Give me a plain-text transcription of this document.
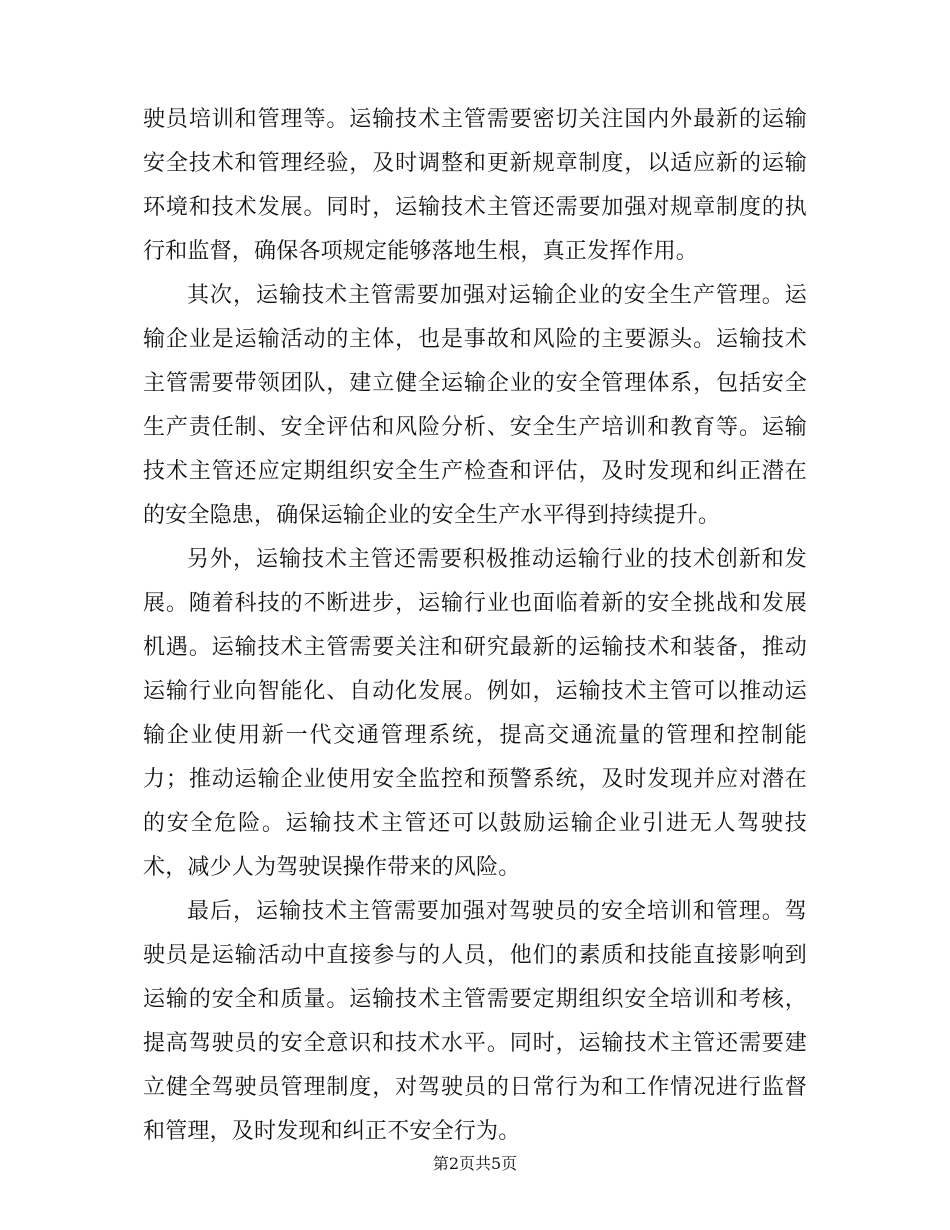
驶员培训和管理等。运输技术主管需要密切关注国内外最新的运输安全技术和管理经验，及时调整和更新规章制度，以适应新的运输环境和技术发展。同时，运输技术主管还需要加强对规章制度的执行和监督，确保各项规定能够落地生根，真正发挥作用。

其次，运输技术主管需要加强对运输企业的安全生产管理。运输企业是运输活动的主体，也是事故和风险的主要源头。运输技术主管需要带领团队，建立健全运输企业的安全管理体系，包括安全生产责任制、安全评估和风险分析、安全生产培训和教育等。运输技术主管还应定期组织安全生产检查和评估，及时发现和纠正潜在的安全隐患，确保运输企业的安全生产水平得到持续提升。

另外，运输技术主管还需要积极推动运输行业的技术创新和发展。随着科技的不断进步，运输行业也面临着新的安全挑战和发展机遇。运输技术主管需要关注和研究最新的运输技术和装备，推动运输行业向智能化、自动化发展。例如，运输技术主管可以推动运输企业使用新一代交通管理系统，提高交通流量的管理和控制能力；推动运输企业使用安全监控和预警系统，及时发现并应对潜在的安全危险。运输技术主管还可以鼓励运输企业引进无人驾驶技术，减少人为驾驶误操作带来的风险。

最后，运输技术主管需要加强对驾驶员的安全培训和管理。驾驶员是运输活动中直接参与的人员，他们的素质和技能直接影响到运输的安全和质量。运输技术主管需要定期组织安全培训和考核，提高驾驶员的安全意识和技术水平。同时，运输技术主管还需要建立健全驾驶员管理制度，对驾驶员的日常行为和工作情况进行监督和管理，及时发现和纠正不安全行为。

第2页共5页
